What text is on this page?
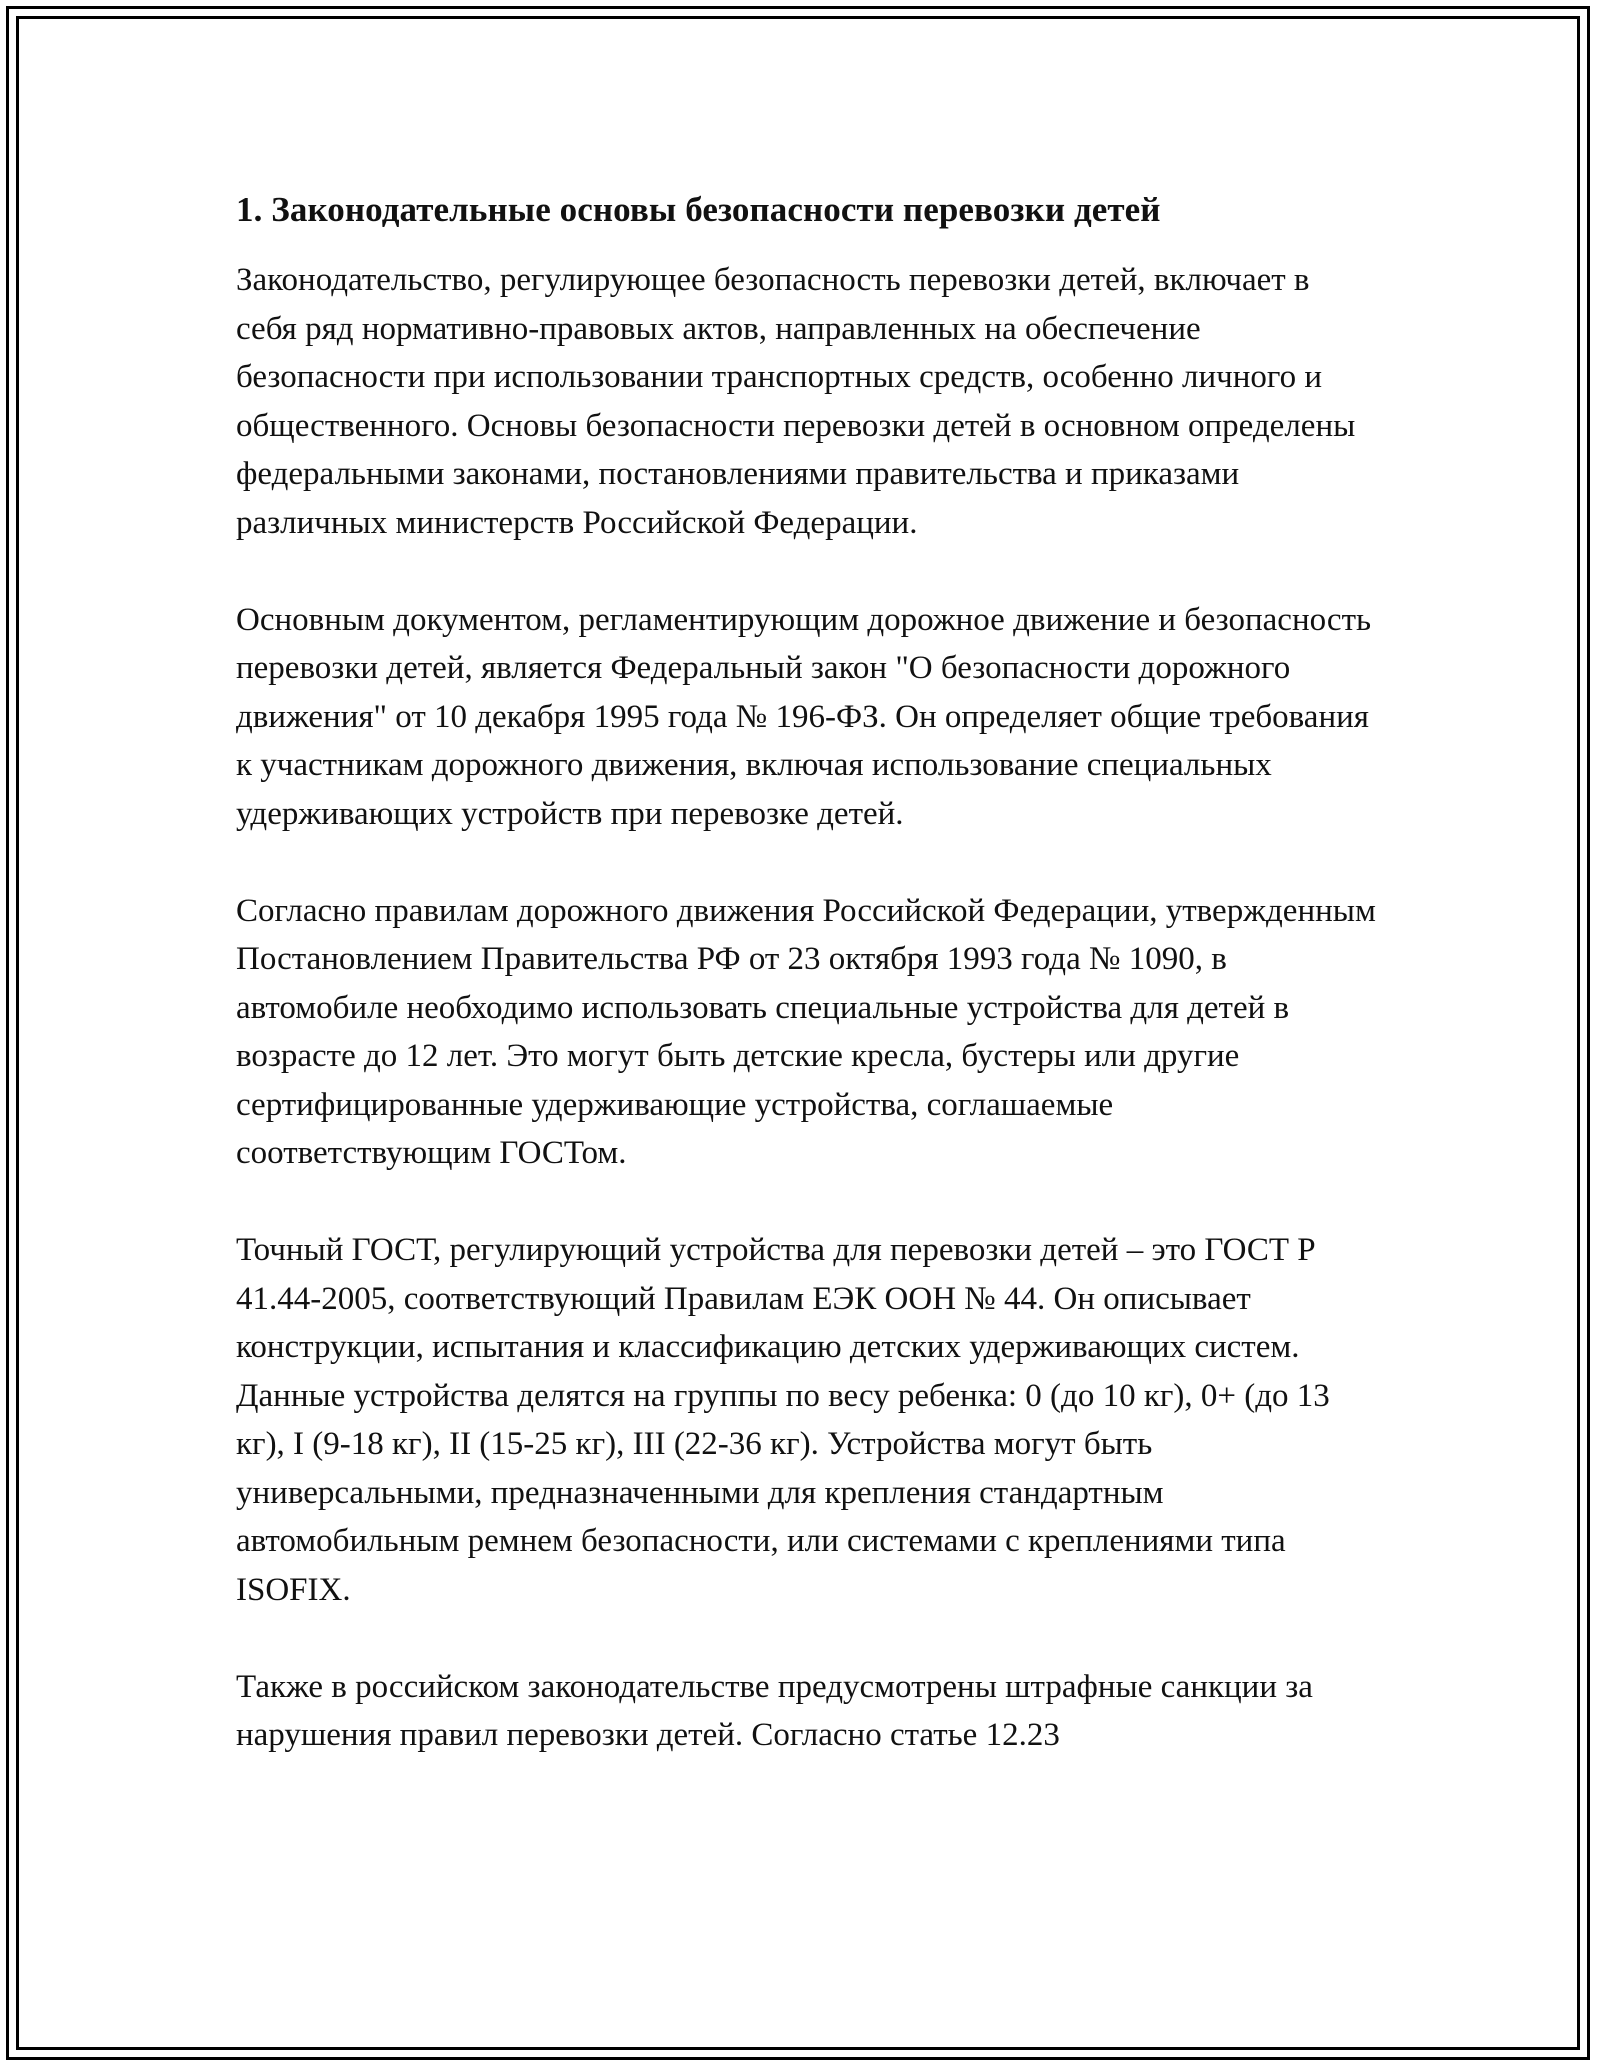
1. Законодательные основы безопасности перевозки детей

Законодательство, регулирующее безопасность перевозки детей, включает в себя ряд нормативно-правовых актов, направленных на обеспечение безопасности при использовании транспортных средств, особенно личного и общественного. Основы безопасности перевозки детей в основном определены федеральными законами, постановлениями правительства и приказами различных министерств Российской Федерации.

Основным документом, регламентирующим дорожное движение и безопасность перевозки детей, является Федеральный закон "О безопасности дорожного движения" от 10 декабря 1995 года № 196-ФЗ. Он определяет общие требования к участникам дорожного движения, включая использование специальных удерживающих устройств при перевозке детей.

Согласно правилам дорожного движения Российской Федерации, утвержденным Постановлением Правительства РФ от 23 октября 1993 года № 1090, в автомобиле необходимо использовать специальные устройства для детей в возрасте до 12 лет. Это могут быть детские кресла, бустеры или другие сертифицированные удерживающие устройства, соглашаемые соответствующим ГОСТом.

Точный ГОСТ, регулирующий устройства для перевозки детей – это ГОСТ Р 41.44-2005, соответствующий Правилам ЕЭК ООН № 44. Он описывает конструкции, испытания и классификацию детских удерживающих систем. Данные устройства делятся на группы по весу ребенка: 0 (до 10 кг), 0+ (до 13 кг), I (9-18 кг), II (15-25 кг), III (22-36 кг). Устройства могут быть универсальными, предназначенными для крепления стандартным автомобильным ремнем безопасности, или системами с креплениями типа ISOFIX.

Также в российском законодательстве предусмотрены штрафные санкции за нарушения правил перевозки детей. Согласно статье 12.23
